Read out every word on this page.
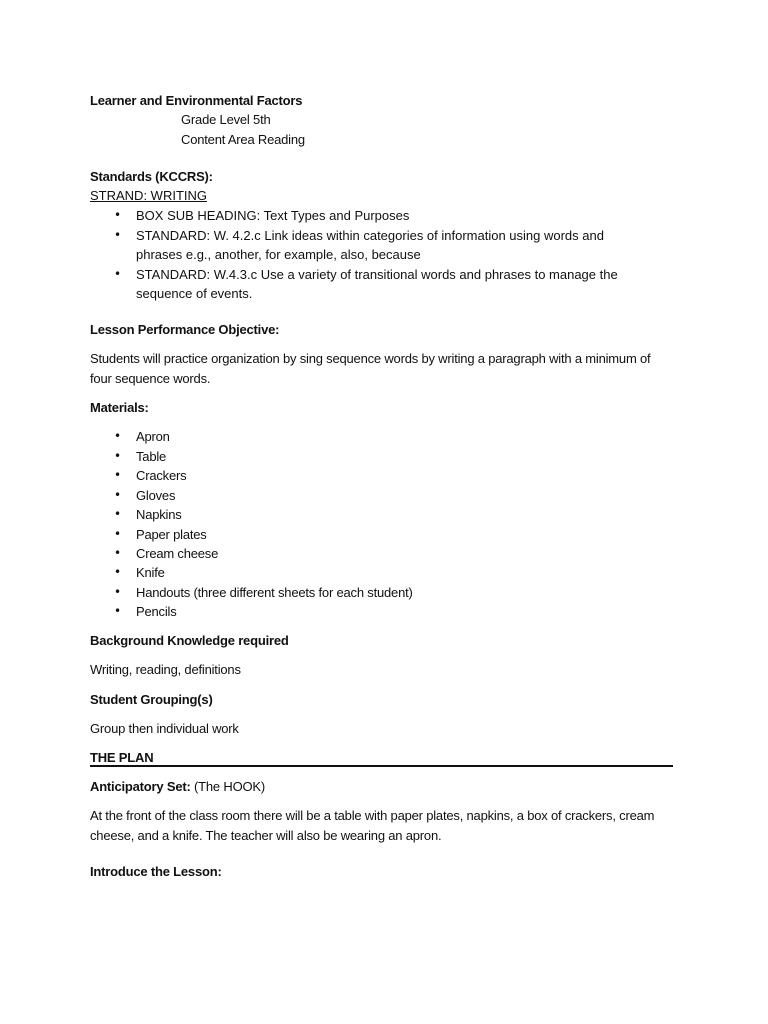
Learner and Environmental Factors
Grade Level 5th
Content Area Reading
Standards (KCCRS):
STRAND: WRITING
• BOX SUB HEADING: Text Types and Purposes
• STANDARD: W. 4.2.c Link ideas within categories of information using words and
phrases e.g., another, for example, also, because
• STANDARD: W.4.3.c Use a variety of transitional words and phrases to manage the
sequence of events.
Lesson Performance Objective:
Students will practice organization by sing sequence words by writing a paragraph with a minimum of
four sequence words.
Materials:
• Apron
• Table
• Crackers
• Gloves
• Napkins
• Paper plates
• Cream cheese
• Knife
• Handouts (three different sheets for each student)
• Pencils
Background Knowledge required
Writing, reading, definitions
Student Grouping(s)
Group then individual work
THE PLAN
Anticipatory Set: (The HOOK)
At the front of the class room there will be a table with paper plates, napkins, a box of crackers, cream
cheese, and a knife. The teacher will also be wearing an apron.
Introduce the Lesson:
